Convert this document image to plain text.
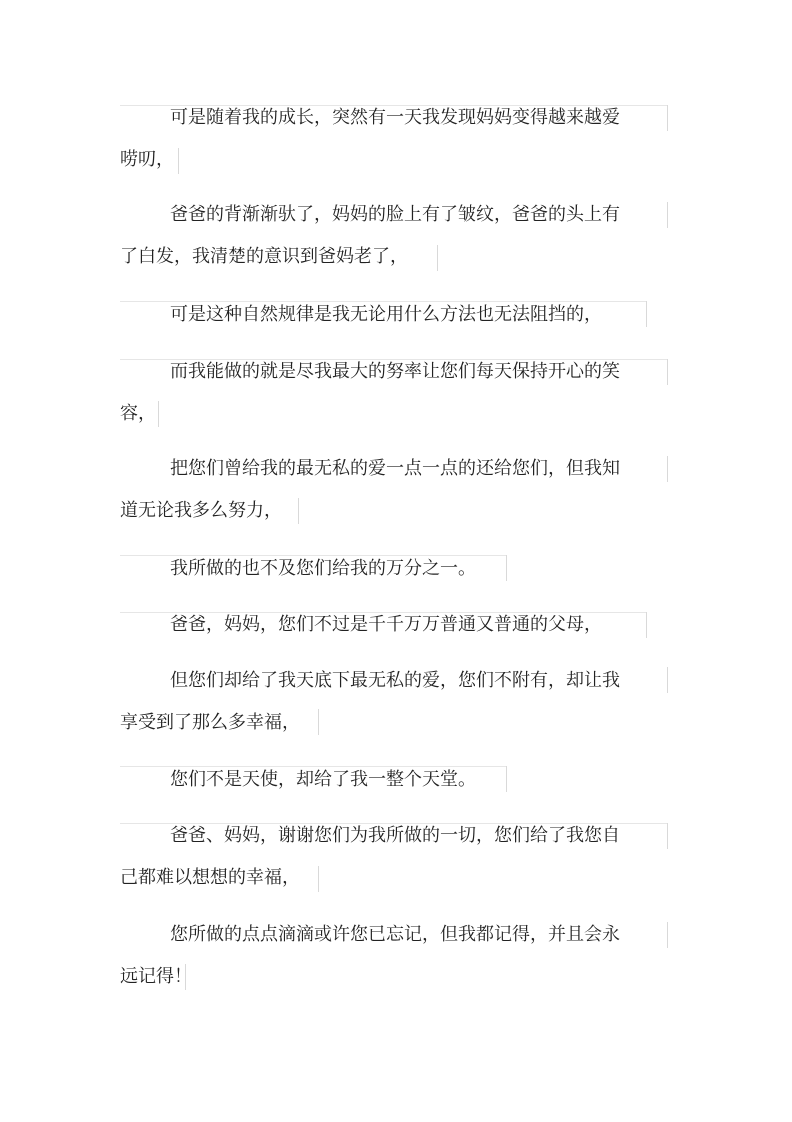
可是随着我的成长，突然有一天我发现妈妈变得越来越爱
唠叨，
爸爸的背渐渐驮了，妈妈的脸上有了皱纹，爸爸的头上有
了白发，我清楚的意识到爸妈老了，
可是这种自然规律是我无论用什么方法也无法阻挡的，
而我能做的就是尽我最大的努率让您们每天保持开心的笑
容，
把您们曾给我的最无私的爱一点一点的还给您们，但我知
道无论我多么努力，
我所做的也不及您们给我的万分之一。
爸爸，妈妈，您们不过是千千万万普通又普通的父母，
但您们却给了我天底下最无私的爱，您们不附有，却让我
享受到了那么多幸福，
您们不是天使，却给了我一整个天堂。
爸爸、妈妈，谢谢您们为我所做的一切，您们给了我您自
己都难以想想的幸福，
您所做的点点滴滴或许您已忘记，但我都记得，并且会永
远记得！
